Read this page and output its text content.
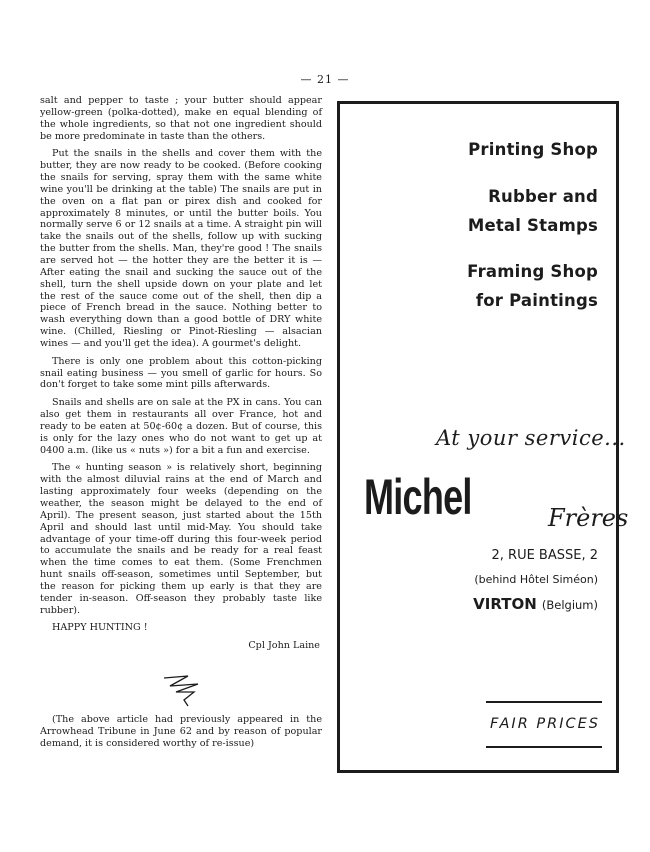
— 21 —

salt and pepper to taste ; your butter should appear yellow-green (polka-dotted), make en equal blending of the whole ingredients, so that not one ingredient should be more predominate in taste than the others.

Put the snails in the shells and cover them with the butter, they are now ready to be cooked. (Before cooking the snails for serving, spray them with the same white wine you'll be drinking at the table) The snails are put in the oven on a flat pan or pirex dish and cooked for approximately 8 minutes, or until the butter boils. You normally serve 6 or 12 snails at a time. A straight pin will take the snails out of the shells, follow up with sucking the butter from the shells. Man, they're good ! The snails are served hot — the hotter they are the better it is — After eating the snail and sucking the sauce out of the shell, turn the shell upside down on your plate and let the rest of the sauce come out of the shell, then dip a piece of French bread in the sauce. Nothing better to wash everything down than a good bottle of DRY white wine. (Chilled, Riesling or Pinot-Riesling — alsacian wines — and you'll get the idea). A gourmet's delight.

There is only one problem about this cotton-picking snail eating business — you smell of garlic for hours. So don't forget to take some mint pills afterwards.

Snails and shells are on sale at the PX in cans. You can also get them in restaurants all over France, hot and ready to be eaten at 50¢-60¢ a dozen. But of course, this is only for the lazy ones who do not want to get up at 0400 a.m. (like us « nuts ») for a bit a fun and exercise.

The « hunting season » is relatively short, beginning with the almost diluvial rains at the end of March and lasting approximately four weeks (depending on the weather, the season might be delayed to the end of April). The present season, just started about the 15th April and should last until mid-May. You should take advantage of your time-off during this four-week period to accumulate the snails and be ready for a real feast when the time comes to eat them. (Some Frenchmen hunt snails off-season, sometimes until September, but the reason for picking them up early is that they are tender in-season. Off-season they probably taste like rubber).

HAPPY HUNTING !

Cpl John Laine

(The above article had previously appeared in the Arrowhead Tribune in June 62 and by reason of popular demand, it is considered worthy of re-issue)

Printing Shop
Rubber and
Metal Stamps
Framing Shop
for Paintings
At your service...
Michel	Frères
2, RUE BASSE, 2
(behind Hôtel Siméon)
VIRTON (Belgium)
FAIR PRICES
